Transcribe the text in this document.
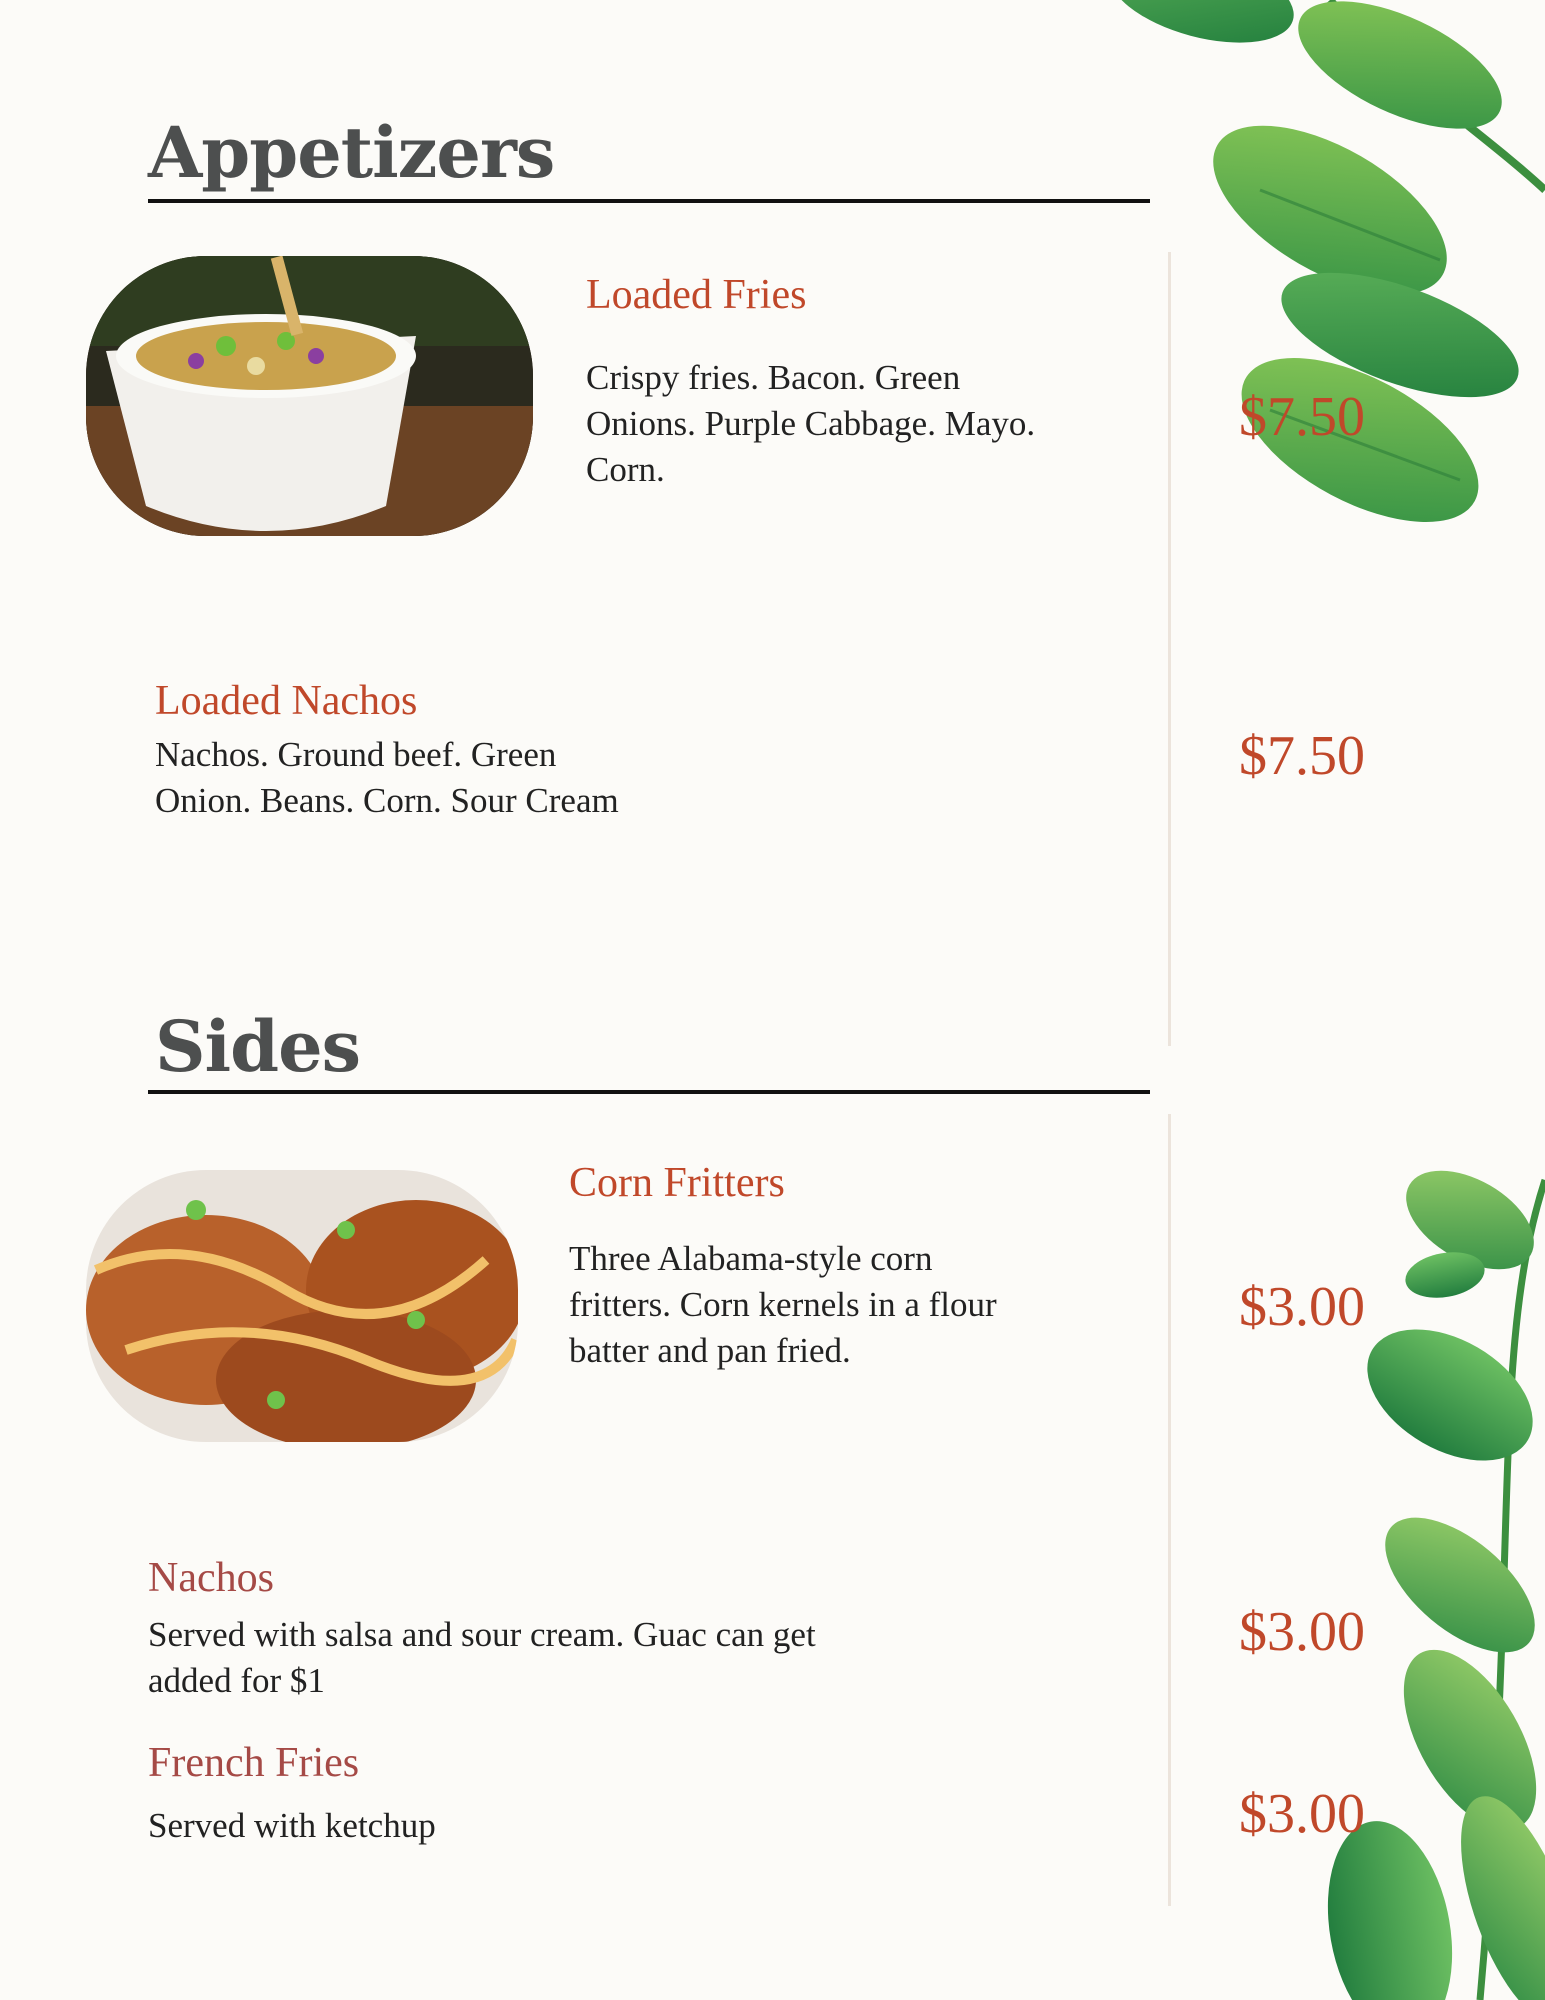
Appetizers
Loaded Fries
Crispy fries. Bacon. Green Onions. Purple Cabbage. Mayo. Corn.
$7.50
Loaded Nachos
Nachos. Ground beef. Green Onion. Beans. Corn. Sour Cream
$7.50
Sides
Corn Fritters
Three Alabama-style corn fritters. Corn kernels in a flour batter and pan fried.
$3.00
Nachos
Served with salsa and sour cream. Guac can get added for $1
$3.00
French Fries
Served with ketchup	$3.00
